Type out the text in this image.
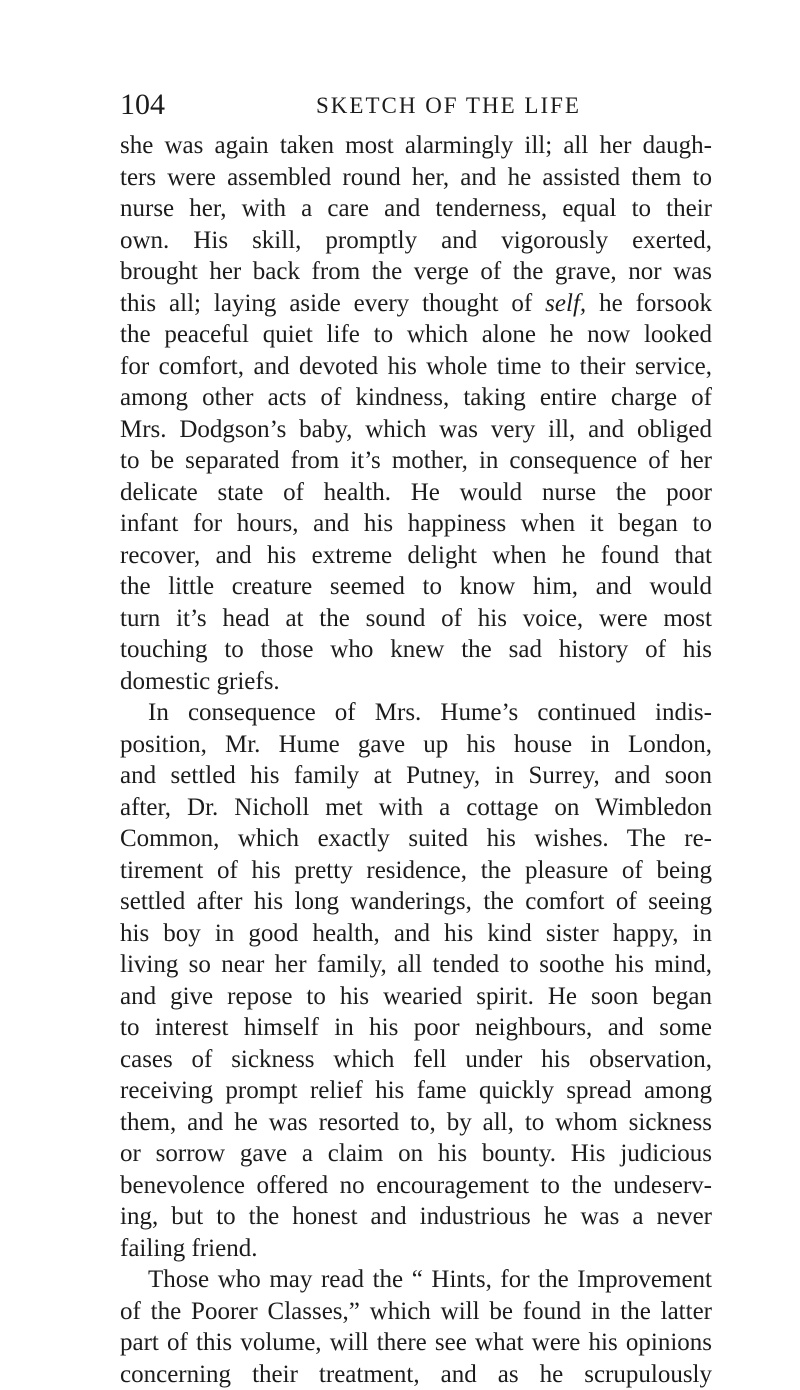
104	SKETCH OF THE LIFE
she was again taken most alarmingly ill; all her daugh-
ters were assembled round her, and he assisted them to
nurse her, with a care and tenderness, equal to their
own. His skill, promptly and vigorously exerted,
brought her back from the verge of the grave, nor was
this all; laying aside every thought of self, he forsook
the peaceful quiet life to which alone he now looked
for comfort, and devoted his whole time to their service,
among other acts of kindness, taking entire charge of
Mrs. Dodgson’s baby, which was very ill, and obliged
to be separated from it’s mother, in consequence of her
delicate state of health. He would nurse the poor
infant for hours, and his happiness when it began to
recover, and his extreme delight when he found that
the little creature seemed to know him, and would
turn it’s head at the sound of his voice, were most
touching to those who knew the sad history of his
domestic griefs.
In consequence of Mrs. Hume’s continued indis-
position, Mr. Hume gave up his house in London,
and settled his family at Putney, in Surrey, and soon
after, Dr. Nicholl met with a cottage on Wimbledon
Common, which exactly suited his wishes. The re-
tirement of his pretty residence, the pleasure of being
settled after his long wanderings, the comfort of seeing
his boy in good health, and his kind sister happy, in
living so near her family, all tended to soothe his mind,
and give repose to his wearied spirit. He soon began
to interest himself in his poor neighbours, and some
cases of sickness which fell under his observation,
receiving prompt relief his fame quickly spread among
them, and he was resorted to, by all, to whom sickness
or sorrow gave a claim on his bounty. His judicious
benevolence offered no encouragement to the undeserv-
ing, but to the honest and industrious he was a never
failing friend.
Those who may read the “ Hints, for the Improvement
of the Poorer Classes,” which will be found in the latter
part of this volume, will there see what were his opinions
concerning their treatment, and as he scrupulously
